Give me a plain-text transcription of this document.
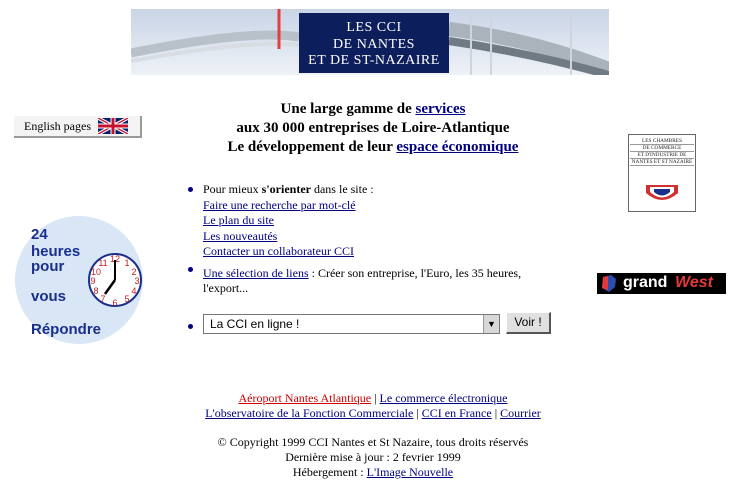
LES CCI
DE NANTES
ET DE ST-NAZAIRE
English pages
24 heures
pour
vous
Répondre
12 1
2
3
4
5
6
7
8
9
10
11
Une large gamme de services
aux 30 000 entreprises de Loire-Atlantique
Le développement de leur espace économique
Pour mieux s'orienter dans le site :
Faire une recherche par mot-clé
Le plan du site
Les nouveautés
Contacter un collaborateur CCI
Une sélection de liens : Créer son entreprise, l'Euro, les 35 heures, l'export...
La CCI en ligne !	▼	Voir !
LES CHAMBRES
DE COMMERCE
ET D'INDUSTRIE DE
NANTES ET ST NAZAIRE
grand West
Aéroport Nantes Atlantique | Le commerce électronique
L'observatoire de la Fonction Commerciale | CCI en France | Courrier
© Copyright 1999 CCI Nantes et St Nazaire, tous droits réservés
Dernière mise à jour : 2 fevrier 1999
Hébergement : L'Image Nouvelle
